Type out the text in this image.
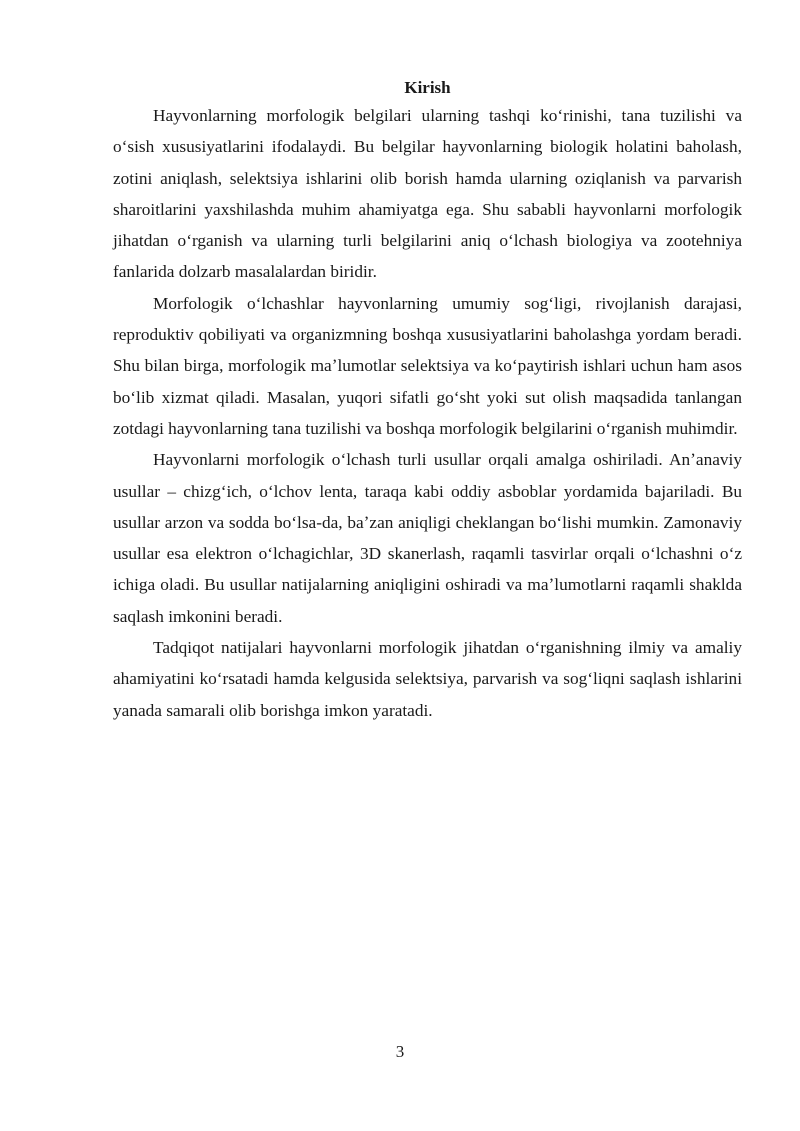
Kirish

Hayvonlarning morfologik belgilari ularning tashqi koʻrinishi, tana tuzilishi va oʻsish xususiyatlarini ifodalaydi. Bu belgilar hayvonlarning biologik holatini baholash, zotini aniqlash, selektsiya ishlarini olib borish hamda ularning oziqlanish va parvarish sharoitlarini yaxshilashda muhim ahamiyatga ega. Shu sababli hayvonlarni morfologik jihatdan oʻrganish va ularning turli belgilarini aniq oʻlchash biologiya va zootehniya fanlarida dolzarb masalalardan biridir.

Morfologik oʻlchashlar hayvonlarning umumiy sogʻligi, rivojlanish darajasi, reproduktiv qobiliyati va organizmning boshqa xususiyatlarini baholashga yordam beradi. Shu bilan birga, morfologik maʼlumotlar selektsiya va koʻpaytirish ishlari uchun ham asos boʻlib xizmat qiladi. Masalan, yuqori sifatli goʻsht yoki sut olish maqsadida tanlangan zotdagi hayvonlarning tana tuzilishi va boshqa morfologik belgilarini oʻrganish muhimdir.

Hayvonlarni morfologik oʻlchash turli usullar orqali amalga oshiriladi. Anʼanaviy usullar – chizgʻich, oʻlchov lenta, taraqa kabi oddiy asboblar yordamida bajariladi. Bu usullar arzon va sodda boʻlsa-da, baʼzan aniqligi cheklangan boʻlishi mumkin. Zamonaviy usullar esa elektron oʻlchagichlar, 3D skanerlash, raqamli tasvirlar orqali oʻlchashni oʻz ichiga oladi. Bu usullar natijalarning aniqligini oshiradi va maʼlumotlarni raqamli shaklda saqlash imkonini beradi.

Tadqiqot natijalari hayvonlarni morfologik jihatdan oʻrganishning ilmiy va amaliy ahamiyatini koʻrsatadi hamda kelgusida selektsiya, parvarish va sogʻliqni saqlash ishlarini yanada samarali olib borishga imkon yaratadi.

3
